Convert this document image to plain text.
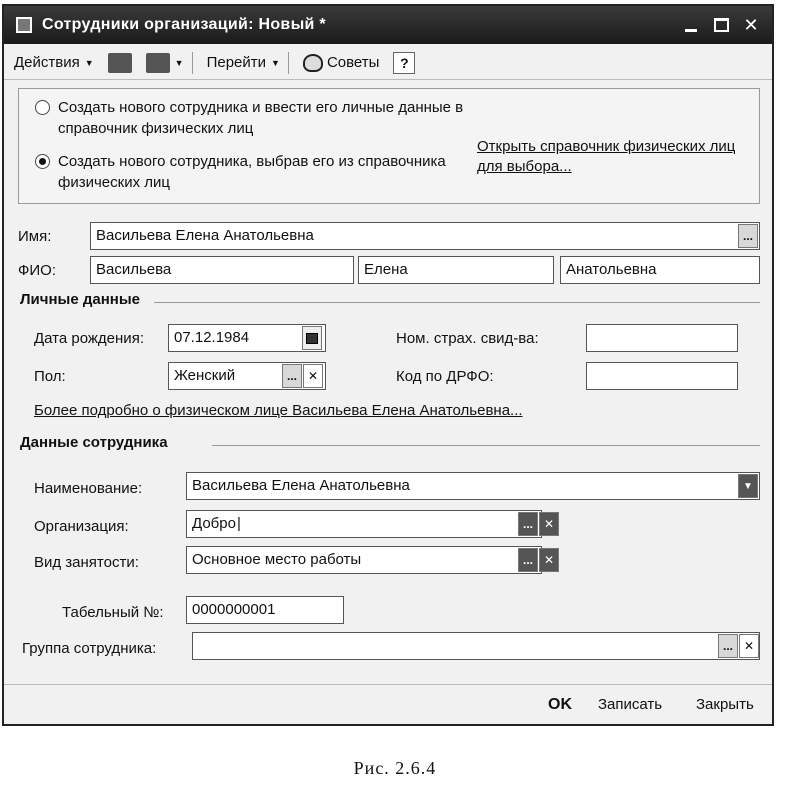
Сотрудники организаций: Новый *	✕
Действия ▼	▼ Перейти ▼	Советы	?
Создать нового сотрудника и ввести его личные данные в справочник физических лиц
Создать нового сотрудника, выбрав его из справочника физических лиц
Открыть справочник физических лиц для выбора...
Имя:	Васильева Елена Анатольевна	...
ФИО:	Васильева	Елена	Анатольевна
Личные данные
Дата рождения:	07.12.1984	Ном. страх. свид-ва:
Пол:	Женский	... ✕	Код по ДРФО:
Более подробно о физическом лице Васильева Елена Анатольевна...
Данные сотрудника
Наименование:	Васильева Елена Анатольевна	▼
Организация:	Добро |	... ✕
Вид занятости:	Основное место работы	... ✕
Табельный №:	0000000001
Группа сотрудника:	... ✕
OK Записать Закрыть
Рис. 2.6.4
